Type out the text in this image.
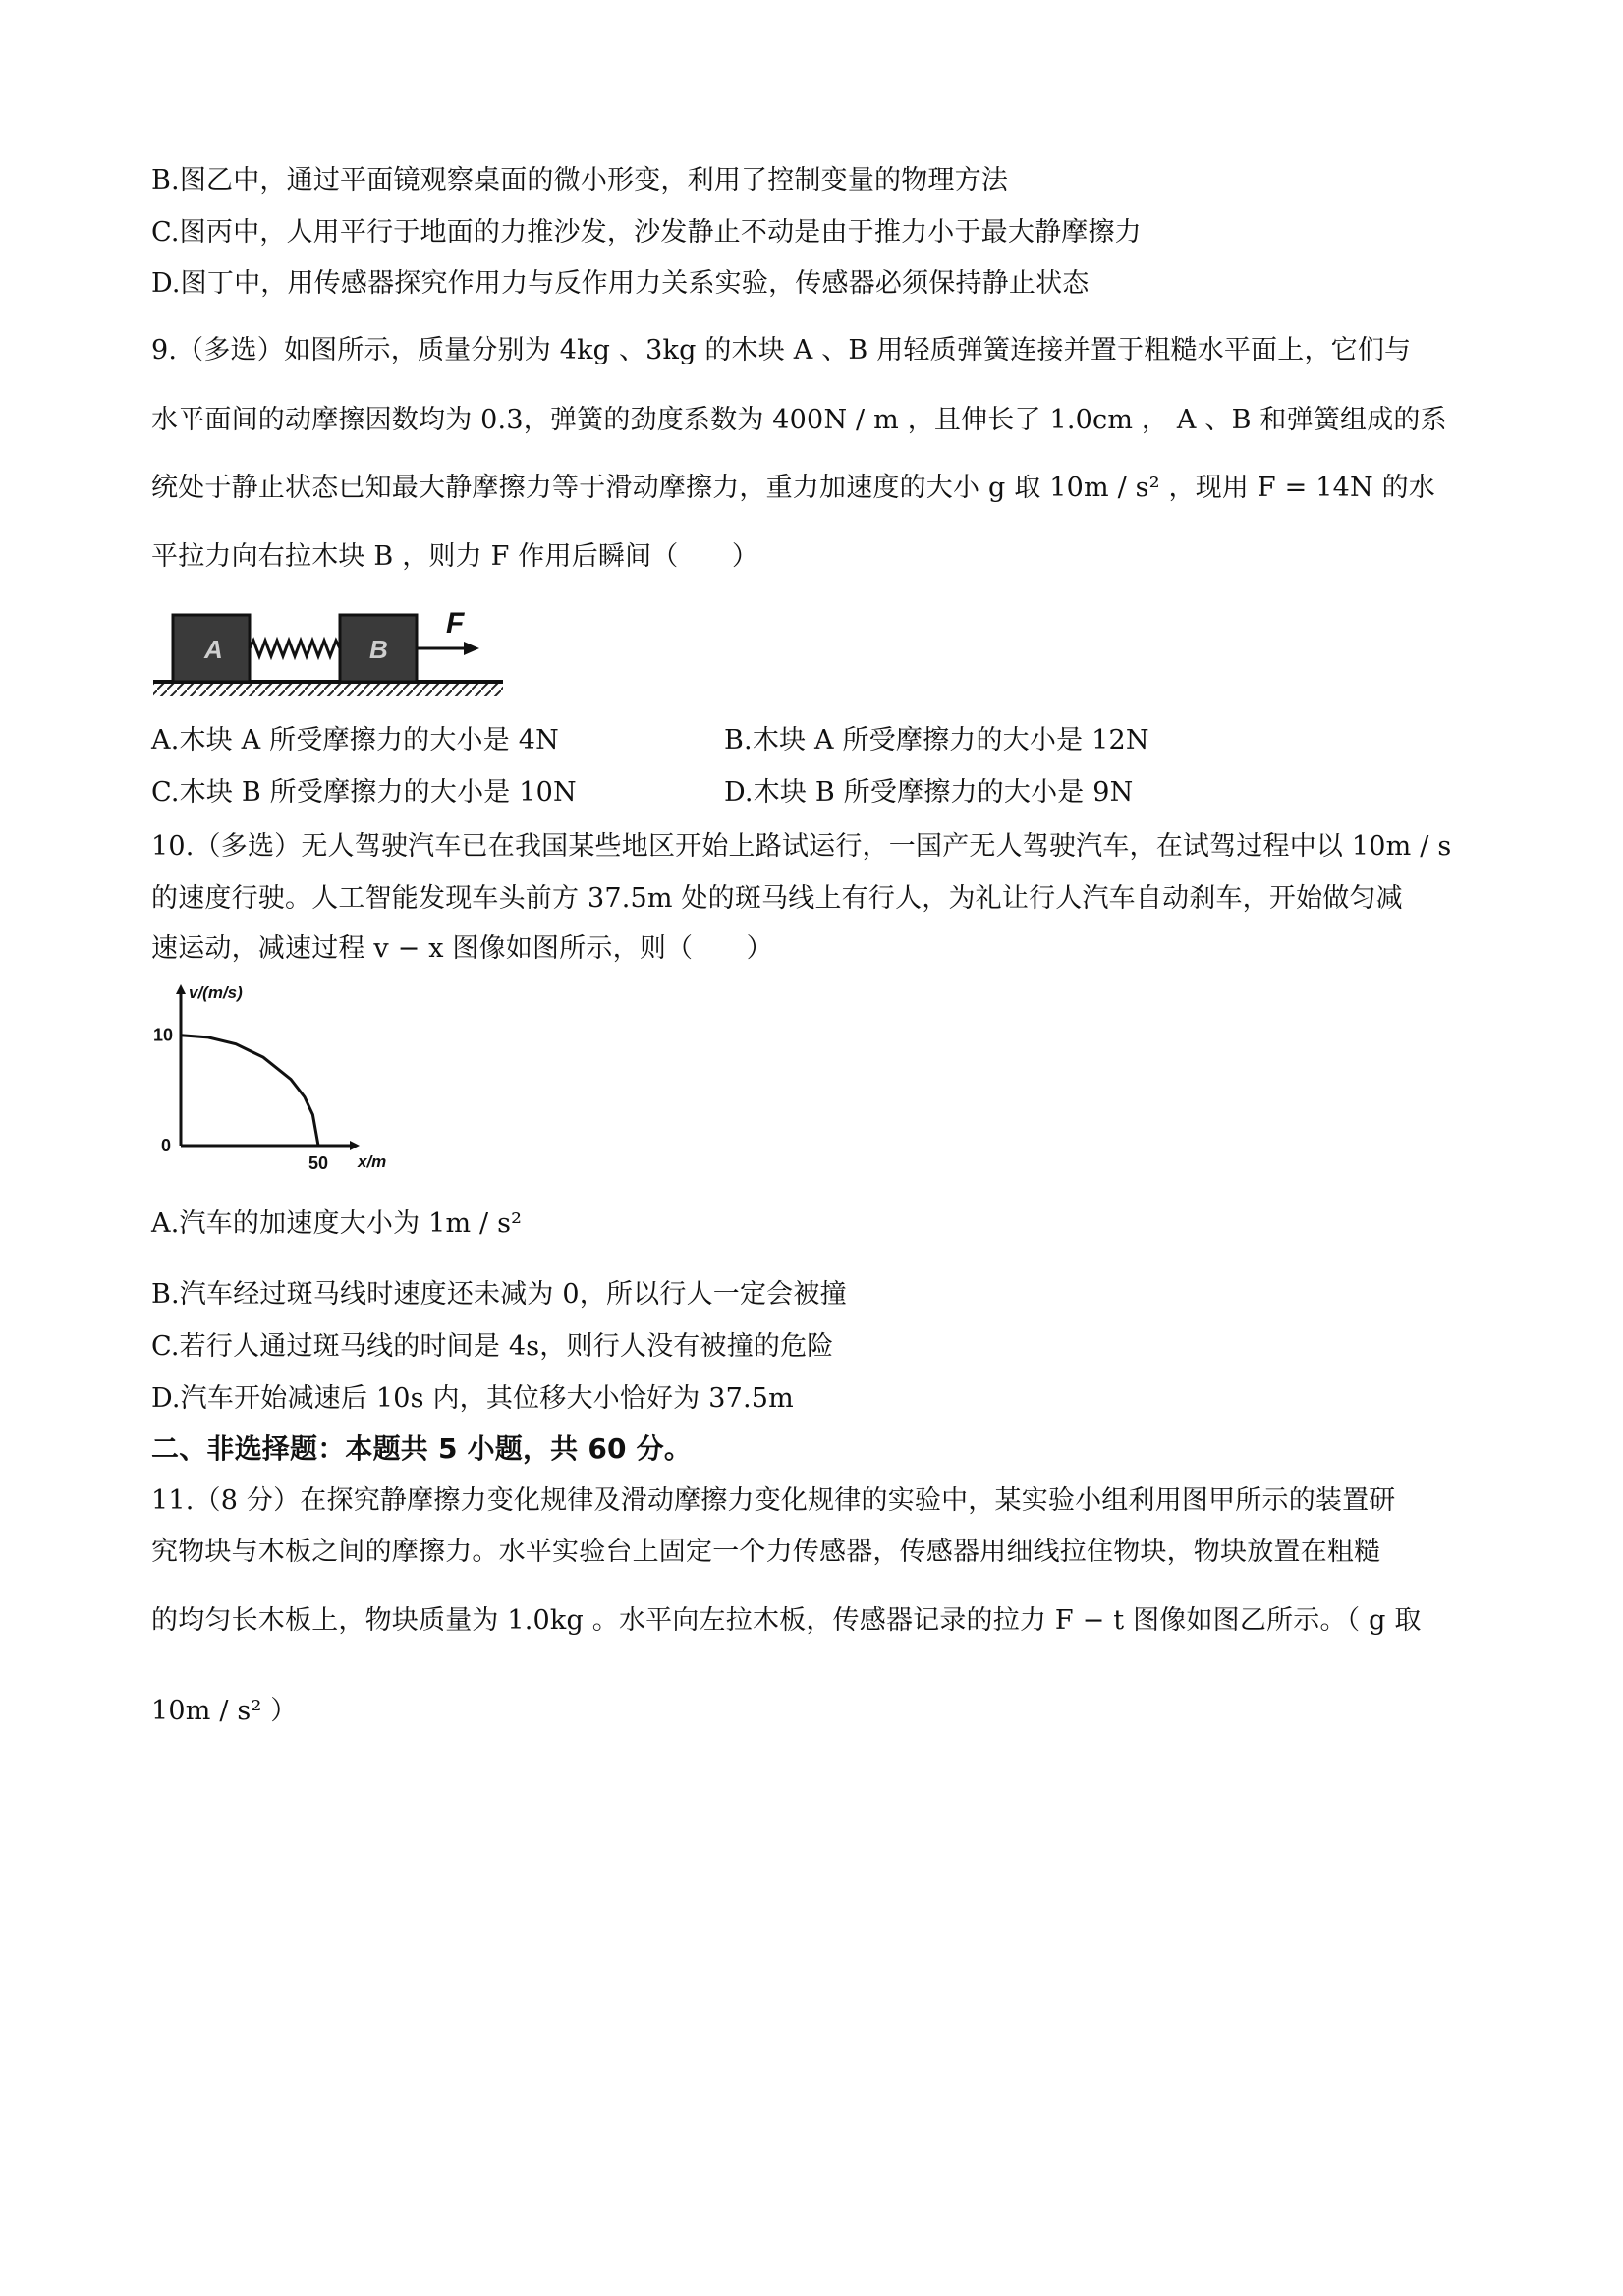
B.图乙中，通过平面镜观察桌面的微小形变，利用了控制变量的物理方法
C.图丙中，人用平行于地面的力推沙发，沙发静止不动是由于推力小于最大静摩擦力
D.图丁中，用传感器探究作用力与反作用力关系实验，传感器必须保持静止状态
9.（多选）如图所示，质量分别为 4kg 、3kg 的木块 A 、B 用轻质弹簧连接并置于粗糙水平面上，它们与
水平面间的动摩擦因数均为 0.3，弹簧的劲度系数为 400N / m ，且伸长了 1.0cm ， A 、B 和弹簧组成的系
统处于静止状态已知最大静摩擦力等于滑动摩擦力，重力加速度的大小 g 取 10m / s² ，现用 F = 14N 的水
平拉力向右拉木块 B ，则力 F 作用后瞬间（　　）
A	B
F
A.木块 A 所受摩擦力的大小是 4N	B.木块 A 所受摩擦力的大小是 12N
C.木块 B 所受摩擦力的大小是 10N	D.木块 B 所受摩擦力的大小是 9N
10.（多选）无人驾驶汽车已在我国某些地区开始上路试运行，一国产无人驾驶汽车，在试驾过程中以 10m / s
的速度行驶。人工智能发现车头前方 37.5m 处的斑马线上有行人，为礼让行人汽车自动刹车，开始做匀减
速运动，减速过程 v − x 图像如图所示，则（　　）
v/(m/s)
x/m
0
50
10
A.汽车的加速度大小为 1m / s²
B.汽车经过斑马线时速度还未减为 0，所以行人一定会被撞
C.若行人通过斑马线的时间是 4s，则行人没有被撞的危险
D.汽车开始减速后 10s 内，其位移大小恰好为 37.5m
二、非选择题：本题共 5 小题，共 60 分。
11.（8 分）在探究静摩擦力变化规律及滑动摩擦力变化规律的实验中，某实验小组利用图甲所示的装置研
究物块与木板之间的摩擦力。水平实验台上固定一个力传感器，传感器用细线拉住物块，物块放置在粗糙
的均匀长木板上，物块质量为 1.0kg 。水平向左拉木板，传感器记录的拉力 F − t 图像如图乙所示。（ g 取
10m / s² ）
